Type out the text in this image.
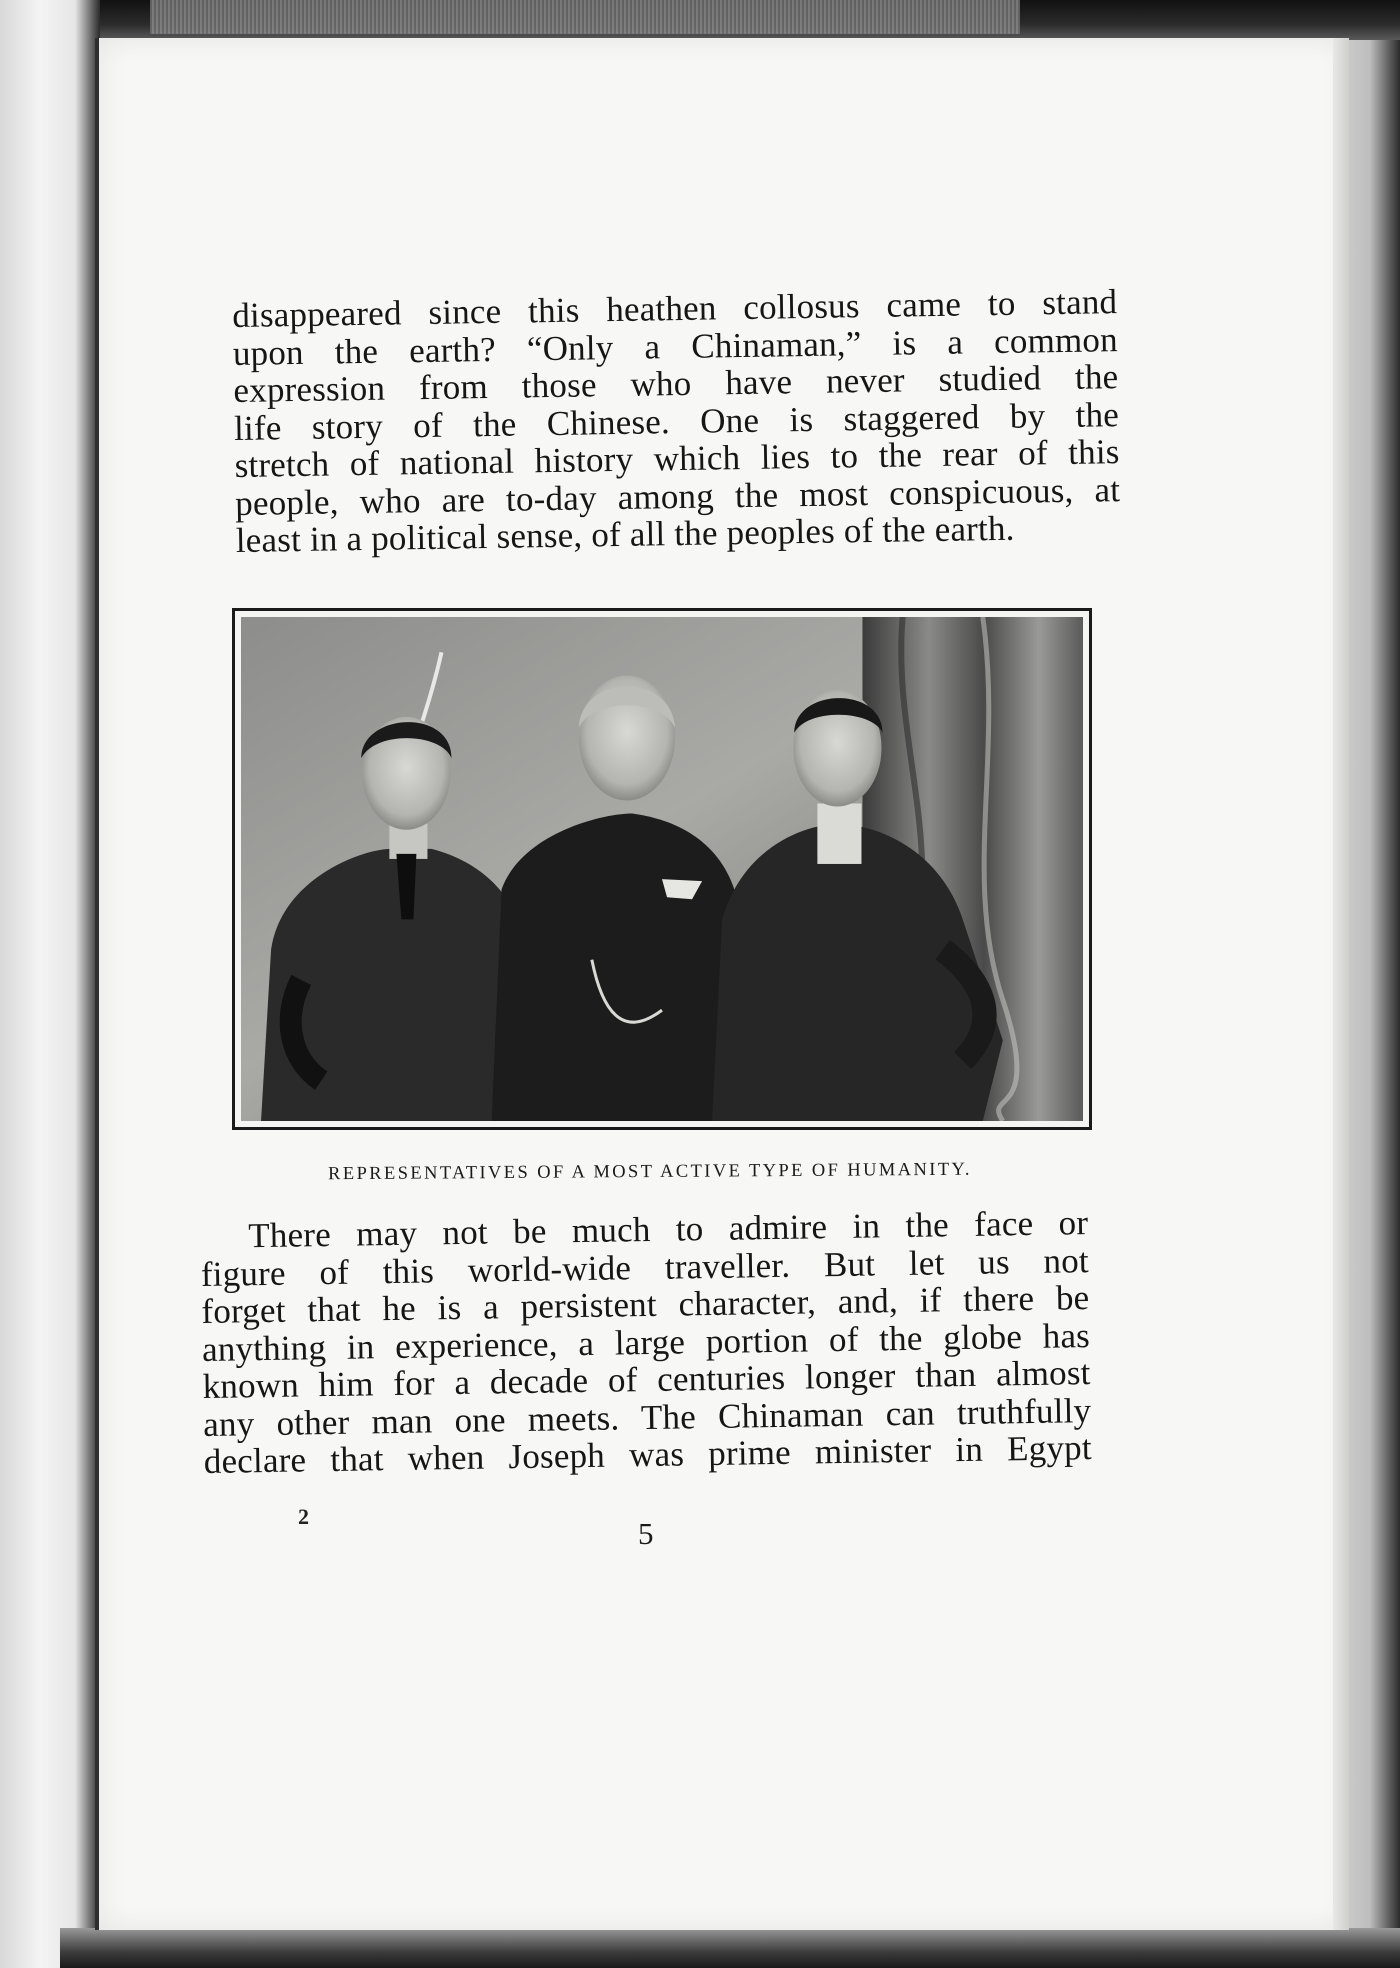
disappeared since this heathen collosus came to stand
upon the earth? “Only a Chinaman,” is a common
expression from those who have never studied the
life story of the Chinese. One is staggered by the
stretch of national history which lies to the rear of this
people, who are to-day among the most conspicuous, at
least in a political sense, of all the peoples of the earth.

REPRESENTATIVES OF A MOST ACTIVE TYPE OF HUMANITY.

There may not be much to admire in the face or
figure of this world-wide traveller. But let us not
forget that he is a persistent character, and, if there be
anything in experience, a large portion of the globe has
known him for a decade of centuries longer than almost
any other man one meets. The Chinaman can truthfully
declare that when Joseph was prime minister in Egypt

2	5
